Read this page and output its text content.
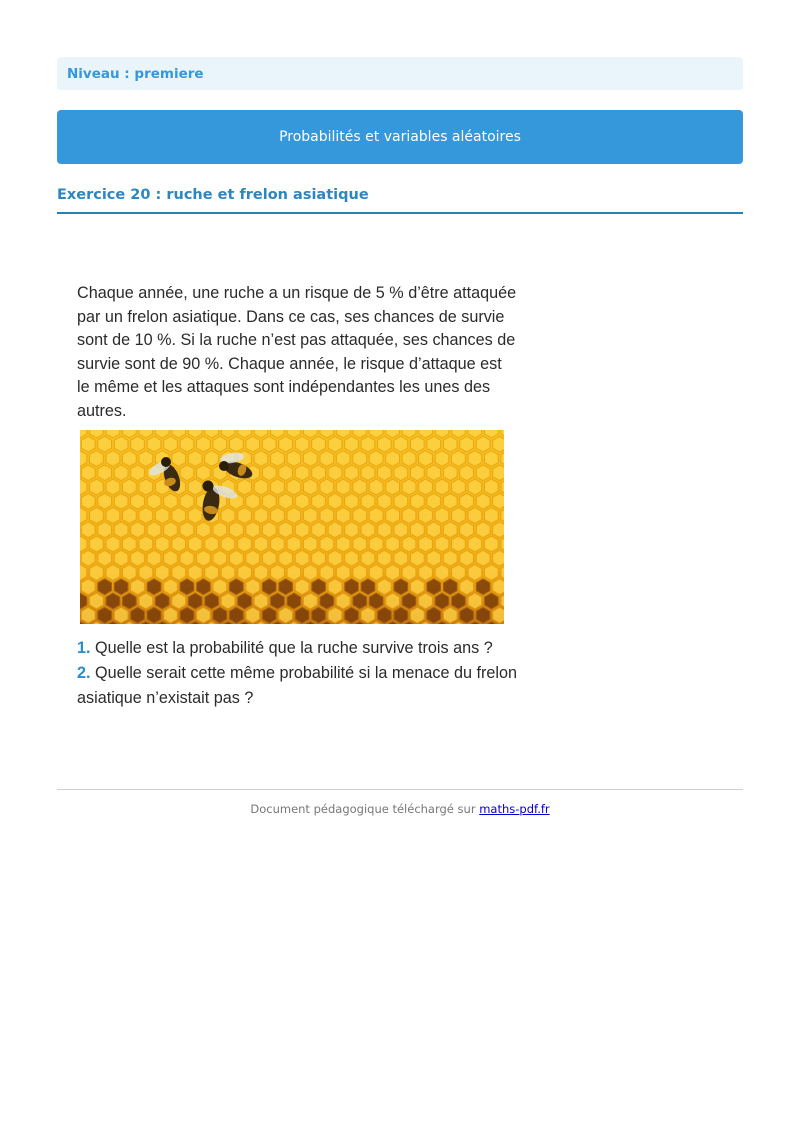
Niveau : premiere
Probabilités et variables aléatoires
Exercice 20 : ruche et frelon asiatique

Chaque année, une ruche a un risque de 5 % d’être attaquée par un frelon asiatique. Dans ce cas, ses chances de survie sont de 10 %. Si la ruche n’est pas attaquée, ses chances de survie sont de 90 %. Chaque année, le risque d’attaque est le même et les attaques sont indépendantes les unes des autres.

1. Quelle est la probabilité que la ruche survive trois ans ?

2. Quelle serait cette même probabilité si la menace du frelon asiatique n’existait pas ?

Document pédagogique téléchargé sur maths-pdf.fr
